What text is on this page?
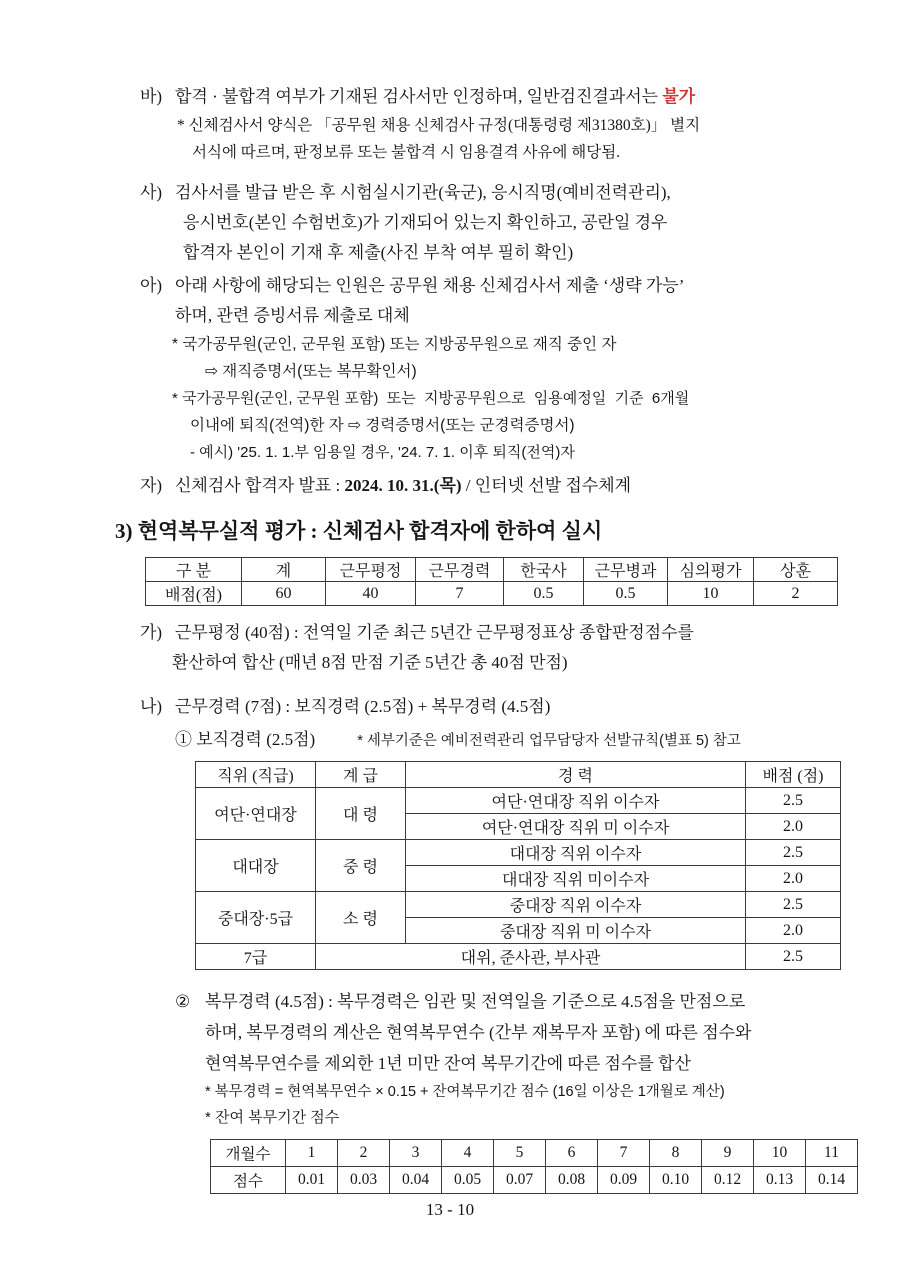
바) 합격 · 불합격 여부가 기재된 검사서만 인정하며, 일반검진결과서는 불가
* 신체검사서 양식은 「공무원 채용 신체검사 규정(대통령령 제31380호)」 별지
서식에 따르며, 판정보류 또는 불합격 시 임용결격 사유에 해당됨.
사) 검사서를 발급 받은 후 시험실시기관(육군), 응시직명(예비전력관리),
응시번호(본인 수험번호)가 기재되어 있는지 확인하고, 공란일 경우
합격자 본인이 기재 후 제출(사진 부착 여부 필히 확인)
아) 아래 사항에 해당되는 인원은 공무원 채용 신체검사서 제출 ‘생략 가능’
하며, 관련 증빙서류 제출로 대체
* 국가공무원(군인, 군무원 포함) 또는 지방공무원으로 재직 중인 자
⇨ 재직증명서(또는 복무확인서)
* 국가공무원(군인, 군무원 포함)  또는  지방공무원으로  임용예정일  기준  6개월
이내에 퇴직(전역)한 자 ⇨ 경력증명서(또는 군경력증명서)
- 예시) '25. 1. 1.부 임용일 경우, '24. 7. 1. 이후 퇴직(전역)자
자) 신체검사 합격자 발표 : 2024. 10. 31.(목) / 인터넷 선발 접수체계
3) 현역복무실적 평가 : 신체검사 합격자에 한하여 실시
구 분	계	근무평정	근무경력	한국사	근무병과	심의평가	상훈
배점(점)	60	40	7	0.5	0.5	10	2
가) 근무평정 (40점) : 전역일 기준 최근 5년간 근무평정표상 종합판정점수를
환산하여 합산 (매년 8점 만점 기준 5년간 총 40점 만점)
나) 근무경력 (7점) : 보직경력 (2.5점) + 복무경력 (4.5점)
① 보직경력 (2.5점)	* 세부기준은 예비전력관리 업무담당자 선발규칙(별표 5) 참고
직위 (직급)	계 급	경 력	배점 (점)
여단·연대장	대 령	여단·연대장 직위 이수자	2.5
		여단·연대장 직위 미 이수자	2.0
대대장	중 령	대대장 직위 이수자	2.5
		대대장 직위 미이수자	2.0
중대장·5급	소 령	중대장 직위 이수자	2.5
		중대장 직위 미 이수자	2.0
7급	대위, 준사관, 부사관		2.5
② 복무경력 (4.5점) : 복무경력은 임관 및 전역일을 기준으로 4.5점을 만점으로
하며, 복무경력의 계산은 현역복무연수 (간부 재복무자 포함) 에 따른 점수와
현역복무연수를 제외한 1년 미만 잔여 복무기간에 따른 점수를 합산
* 복무경력 = 현역복무연수 × 0.15 + 잔여복무기간 점수 (16일 이상은 1개월로 계산)
* 잔여 복무기간 점수
개월수	1	2	3	4	5	6	7	8	9	10	11
점수	0.01	0.03	0.04	0.05	0.07	0.08	0.09	0.10	0.12	0.13	0.14
13 - 10
